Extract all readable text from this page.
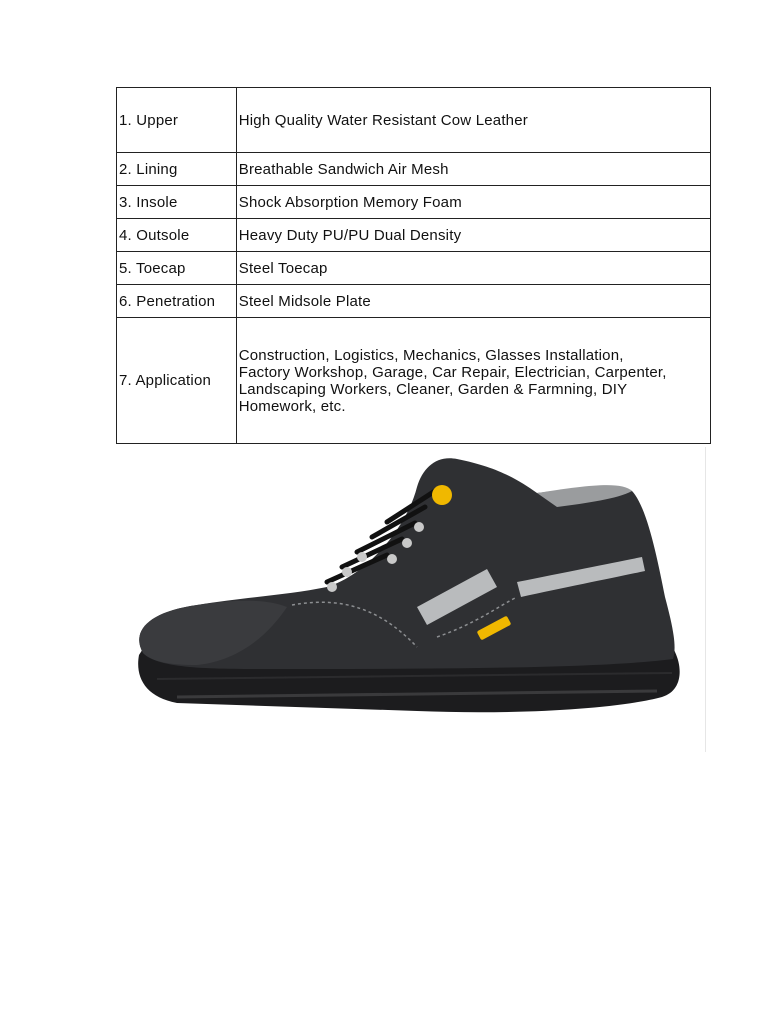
1. Upper	High Quality Water Resistant Cow Leather
2. Lining	Breathable Sandwich Air Mesh
3. Insole	Shock Absorption Memory Foam
4. Outsole	Heavy Duty PU/PU Dual Density
5. Toecap	Steel Toecap
6. Penetration	Steel Midsole Plate
7. Application	Construction, Logistics, Mechanics, Glasses Installation,
Factory Workshop, Garage, Car Repair, Electrician, Carpenter,
Landscaping Workers, Cleaner, Garden & Farmning, DIY
Homework, etc.
